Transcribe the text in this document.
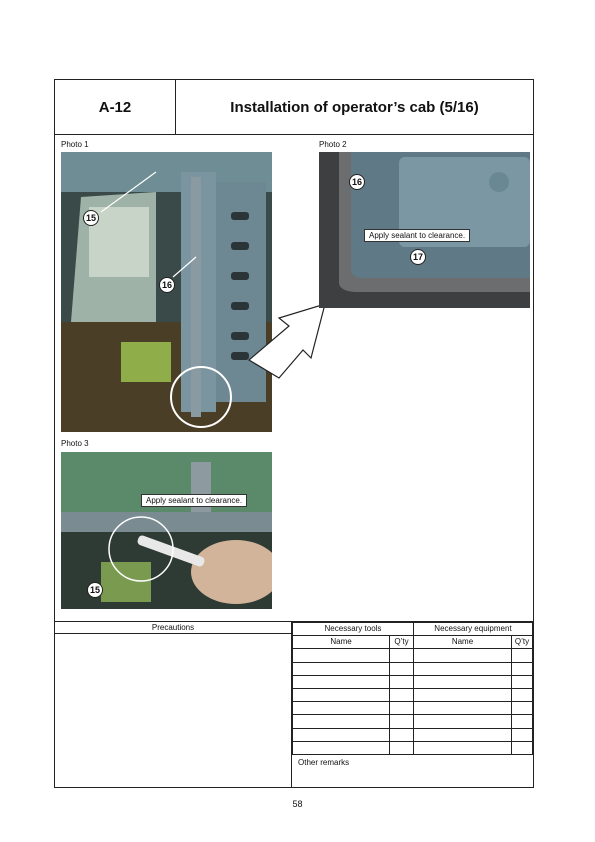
A-12	Installation of operator’s cab (5/16)
Photo 1
15
16
Photo 2
16
Apply sealant to clearance.
17
Photo 3
Apply sealant to clearance.
15
Precautions	Necessary tools		Necessary equipment	
Name	Q’ty	Name	Q’ty

Other remarks
58
